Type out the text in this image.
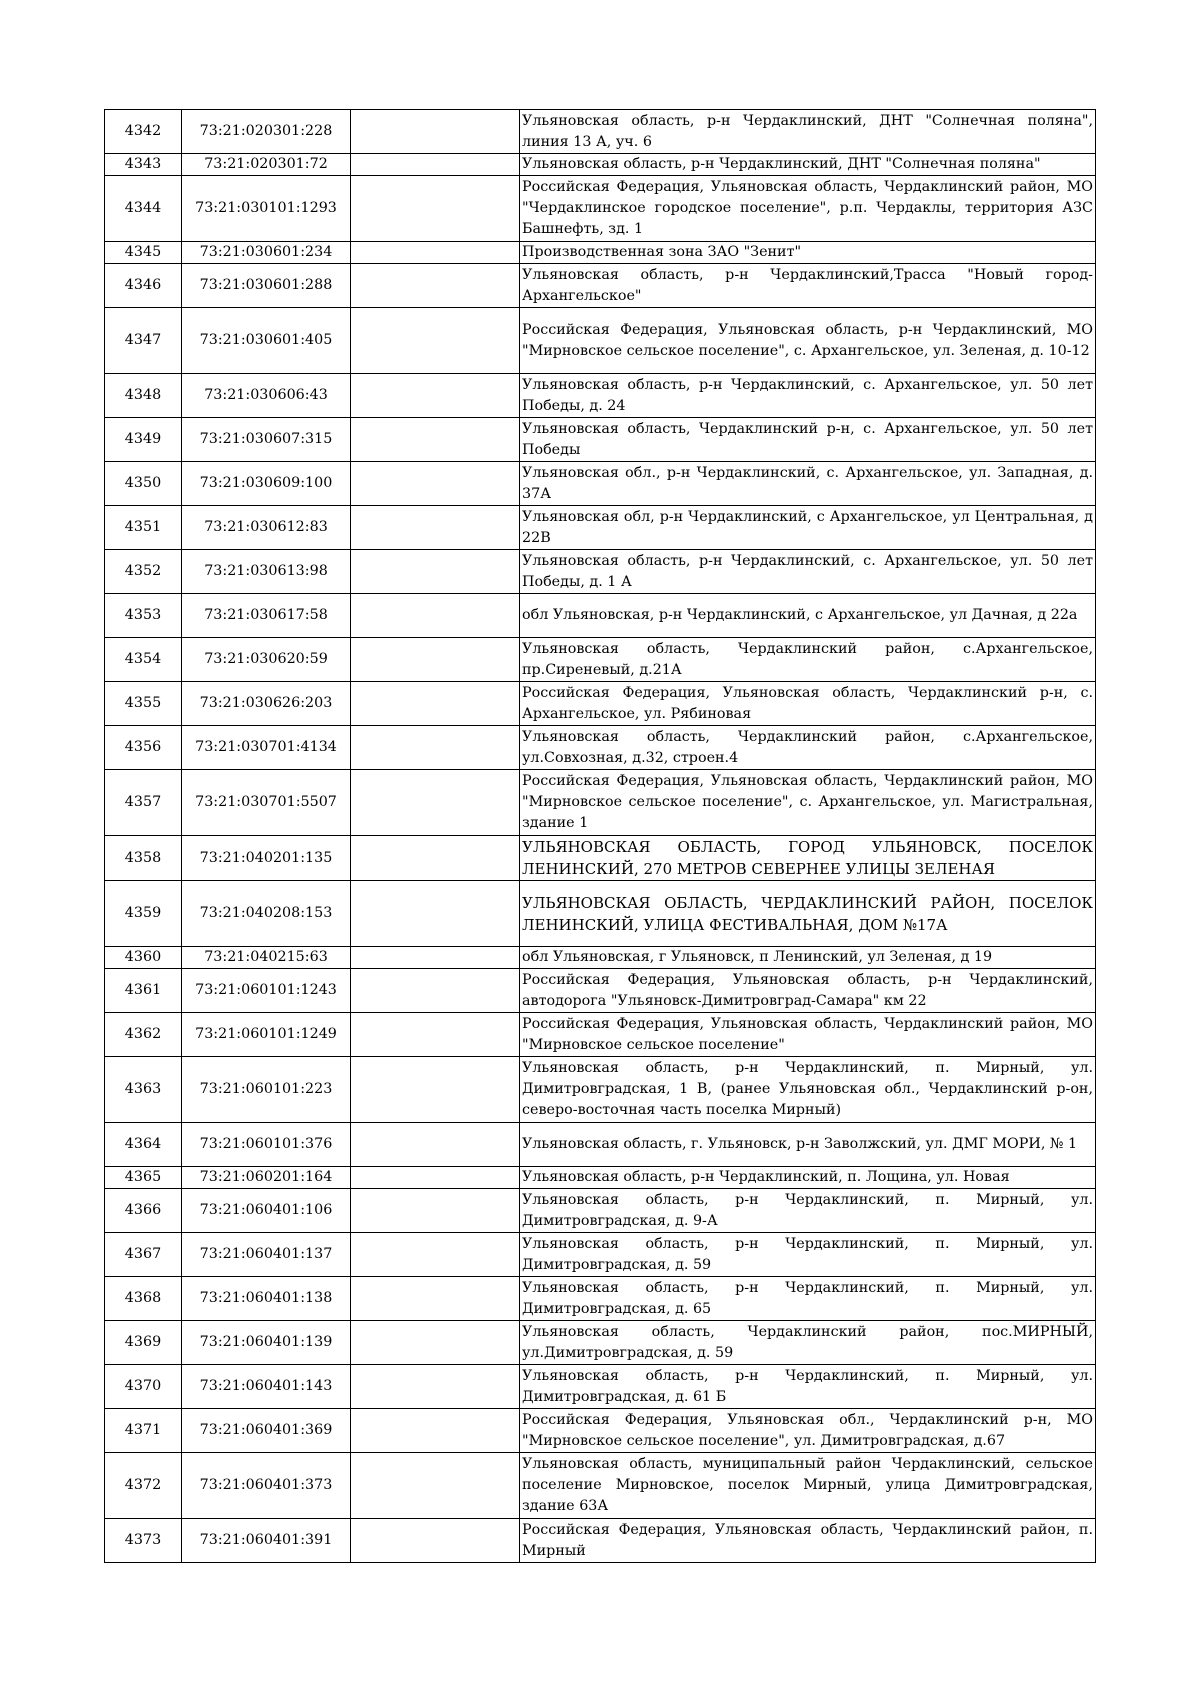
4342	73:21:020301:228		Ульяновская область, р-н Чердаклинский, ДНТ "Солнечная поляна", линия 13 А, уч. 6
4343	73:21:020301:72		Ульяновская область, р-н Чердаклинский, ДНТ "Солнечная поляна"
4344	73:21:030101:1293		Российская Федерация, Ульяновская область, Чердаклинский район, МО "Чердаклинское городское поселение", р.п. Чердаклы, территория АЗС Башнефть, зд. 1
4345	73:21:030601:234		Производственная зона ЗАО "Зенит"
4346	73:21:030601:288		Ульяновская область, р-н Чердаклинский,Трасса "Новый город-Архангельское"
4347	73:21:030601:405		Российская Федерация, Ульяновская область, р-н Чердаклинский, МО "Мирновское сельское поселение", с. Архангельское, ул. Зеленая, д. 10-12
4348	73:21:030606:43		Ульяновская область, р-н Чердаклинский, с. Архангельское, ул. 50 лет Победы, д. 24
4349	73:21:030607:315		Ульяновская область, Чердаклинский р-н, с. Архангельское, ул. 50 лет Победы
4350	73:21:030609:100		Ульяновская обл., р-н Чердаклинский, с. Архангельское, ул. Западная, д. 37А
4351	73:21:030612:83		Ульяновская обл, р-н Чердаклинский, с Архангельское, ул Центральная, д 22В
4352	73:21:030613:98		Ульяновская область, р-н Чердаклинский, с. Архангельское, ул. 50 лет Победы, д. 1 А
4353	73:21:030617:58		обл Ульяновская, р-н Чердаклинский, с Архангельское, ул Дачная, д 22а
4354	73:21:030620:59		Ульяновская область, Чердаклинский район, с.Архангельское, пр.Сиреневый, д.21А
4355	73:21:030626:203		Российская Федерация, Ульяновская область, Чердаклинский р-н, с. Архангельское, ул. Рябиновая
4356	73:21:030701:4134		Ульяновская область, Чердаклинский район, с.Архангельское, ул.Совхозная, д.32, строен.4
4357	73:21:030701:5507		Российская Федерация, Ульяновская область, Чердаклинский район, МО "Мирновское сельское поселение", с. Архангельское, ул. Магистральная, здание 1
4358	73:21:040201:135		УЛЬЯНОВСКАЯ ОБЛАСТЬ, ГОРОД УЛЬЯНОВСК, ПОСЕЛОК ЛЕНИНСКИЙ, 270 МЕТРОВ СЕВЕРНЕЕ УЛИЦЫ ЗЕЛЕНАЯ
4359	73:21:040208:153		УЛЬЯНОВСКАЯ ОБЛАСТЬ, ЧЕРДАКЛИНСКИЙ РАЙОН, ПОСЕЛОК ЛЕНИНСКИЙ, УЛИЦА ФЕСТИВАЛЬНАЯ, ДОМ №17А
4360	73:21:040215:63		обл Ульяновская, г Ульяновск, п Ленинский, ул Зеленая, д 19
4361	73:21:060101:1243		Российская Федерация, Ульяновская область, р-н Чердаклинский, автодорога "Ульяновск-Димитровград-Самара" км 22
4362	73:21:060101:1249		Российская Федерация, Ульяновская область, Чердаклинский район, МО "Мирновское сельское поселение"
4363	73:21:060101:223		Ульяновская область, р-н Чердаклинский, п. Мирный, ул. Димитровградская, 1 В, (ранее Ульяновская обл., Чердаклинский р-он, северо-восточная часть поселка Мирный)
4364	73:21:060101:376		Ульяновская область, г. Ульяновск, р-н Заволжский, ул. ДМГ МОРИ, № 1
4365	73:21:060201:164		Ульяновская область, р-н Чердаклинский, п. Лощина, ул. Новая
4366	73:21:060401:106		Ульяновская область, р-н Чердаклинский, п. Мирный, ул. Димитровградская, д. 9-А
4367	73:21:060401:137		Ульяновская область, р-н Чердаклинский, п. Мирный, ул. Димитровградская, д. 59
4368	73:21:060401:138		Ульяновская область, р-н Чердаклинский, п. Мирный, ул. Димитровградская, д. 65
4369	73:21:060401:139		Ульяновская область, Чердаклинский район, пос.МИРНЫЙ, ул.Димитровградская, д. 59
4370	73:21:060401:143		Ульяновская область, р-н Чердаклинский, п. Мирный, ул. Димитровградская, д. 61 Б
4371	73:21:060401:369		Российская Федерация, Ульяновская обл., Чердаклинский р-н, МО "Мирновское сельское поселение", ул. Димитровградская, д.67
4372	73:21:060401:373		Ульяновская область, муниципальный район Чердаклинский, сельское поселение Мирновское, поселок Мирный, улица Димитровградская, здание 63А
4373	73:21:060401:391		Российская Федерация, Ульяновская область, Чердаклинский район, п. Мирный
